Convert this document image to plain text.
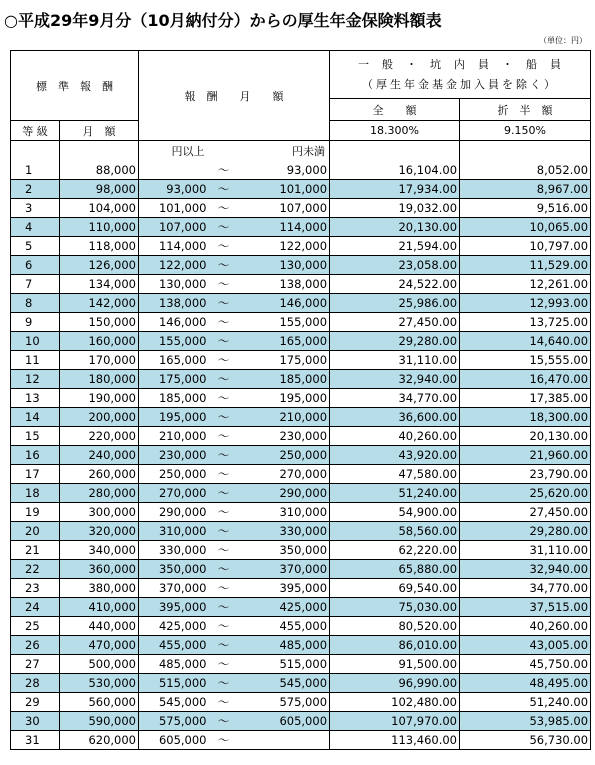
○平成29年9月分（10月納付分）からの厚生年金保険料額表
（単位：円）
標　準　報　酬		報　酬　　月　　額			一　般　・　坑　内　員　・　船　員
（厚生年金基金加入員を除く）	

					全　　額	折　半　額
等 級	月　額				18.300%	9.150%
		円以上		円未満		
1	88,000		～	93,000	16,104.00	8,052.00
2	98,000	93,000	～	101,000	17,934.00	8,967.00
3	104,000	101,000	～	107,000	19,032.00	9,516.00
4	110,000	107,000	～	114,000	20,130.00	10,065.00
5	118,000	114,000	～	122,000	21,594.00	10,797.00
6	126,000	122,000	～	130,000	23,058.00	11,529.00
7	134,000	130,000	～	138,000	24,522.00	12,261.00
8	142,000	138,000	～	146,000	25,986.00	12,993.00
9	150,000	146,000	～	155,000	27,450.00	13,725.00
10	160,000	155,000	～	165,000	29,280.00	14,640.00
11	170,000	165,000	～	175,000	31,110.00	15,555.00
12	180,000	175,000	～	185,000	32,940.00	16,470.00
13	190,000	185,000	～	195,000	34,770.00	17,385.00
14	200,000	195,000	～	210,000	36,600.00	18,300.00
15	220,000	210,000	～	230,000	40,260.00	20,130.00
16	240,000	230,000	～	250,000	43,920.00	21,960.00
17	260,000	250,000	～	270,000	47,580.00	23,790.00
18	280,000	270,000	～	290,000	51,240.00	25,620.00
19	300,000	290,000	～	310,000	54,900.00	27,450.00
20	320,000	310,000	～	330,000	58,560.00	29,280.00
21	340,000	330,000	～	350,000	62,220.00	31,110.00
22	360,000	350,000	～	370,000	65,880.00	32,940.00
23	380,000	370,000	～	395,000	69,540.00	34,770.00
24	410,000	395,000	～	425,000	75,030.00	37,515.00
25	440,000	425,000	～	455,000	80,520.00	40,260.00
26	470,000	455,000	～	485,000	86,010.00	43,005.00
27	500,000	485,000	～	515,000	91,500.00	45,750.00
28	530,000	515,000	～	545,000	96,990.00	48,495.00
29	560,000	545,000	～	575,000	102,480.00	51,240.00
30	590,000	575,000	～	605,000	107,970.00	53,985.00
31	620,000	605,000	～		113,460.00	56,730.00
